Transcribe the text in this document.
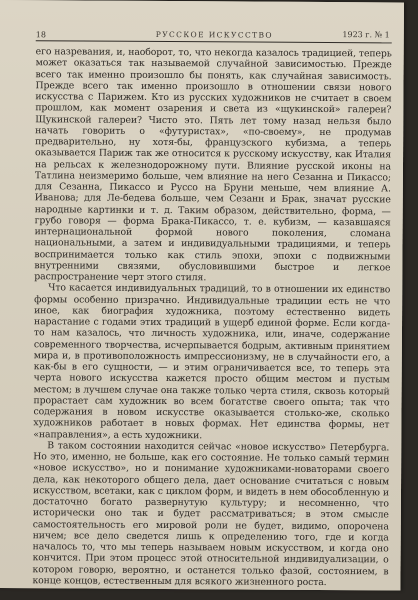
18	РУССКОЕ ИСКУССТВО	1923 г. № 1

его назревания, и, наоборот, то, что некогда казалось традицией, теперь может оказаться так называемой случайной зависимостью. Прежде всего так именно произошло бы понять, как случайная зависимость. Прежде всего так именно произошло в отношении связи нового искусства с Парижем. Кто из русских художников не считает в своем прошлом, как момент озарения и света из «щукинской» галереи? Щукинской галереи? Чисто это. Пять лет тому назад нельзя было начать говорить о «футуристах», «по-своему», не продумав предварительно, ну хотя-бы, французского кубизма, а теперь оказывается Париж так же относится к русскому искусству, как Италия на рельсах к железнодорожному пути. Влияние русской иконы на Татлина неизмеримо больше, чем влияние на него Сезанна и Пикассо; для Сезанна, Пикассо и Руссо на Бруни меньше, чем влияние А. Иванова; для Ле-бедева больше, чем Сезанн и Брак, значат русские народные картинки и т. д. Таким образом, действительно, форма, — грубо говоря — форма Брака-Пикассо, т. е. кубизм, — казавшаяся интернациональной формой нового поколения, сломана национальными, а затем и индивидуальными традициями, и теперь воспринимается только как стиль эпохи, эпохи с подвижными внутренними связями, обусловившими быстрое и легкое распространение черт этого стиля.

Что касается индивидуальных традиций, то в отношении их единство формы особенно призрачно. Индивидуальные традиции есть не что иное, как биография художника, поэтому естественно видеть нарастание с годами этих традиций в ущерб единой форме. Если когда-то нам казалось, что личность художника, или, иначе, содержание современного творчества, исчерпывается бодрым, активным принятием мира и, в противоположность импрессионизму, не в случайности его, а как-бы в его сущности, — и этим ограничивается все, то теперь эта черта нового искусства кажется просто общим местом и пустым местом; в лучшем случае она также только черта стиля, сквозь который прорастает сам художник во всем богатстве своего опыта; так что содержания в новом искусстве оказывается столько-же, сколько художников работает в новых формах. Нет единства формы, нет «направления», а есть художники.

В таком состоянии находится сейчас «новое искусство» Петербурга. Но это, именно, не больше, как его состояние. Не только самый термин «новое искусство», но и понимание художниками-новаторами своего дела, как некоторого общего дела, дает основание считаться с новым искусством, всетаки, как с циклом форм, и видеть в нем обособленную и достаточно богато развернутую культуру; и несомненно, что исторически оно так и будет рассматриваться; в этом смысле самостоятельность его мировой роли не будет, видимо, опорочена ничем; все дело сведется лишь к определению того, где и когда началось то, что мы теперь называем новым искусством, и когда оно кончится. При этом процесс этой относительной индивидуализации, о котором говорю, вероятно, и останется только фазой, состоянием, в конце концов, естественным для всякого жизненного роста.
